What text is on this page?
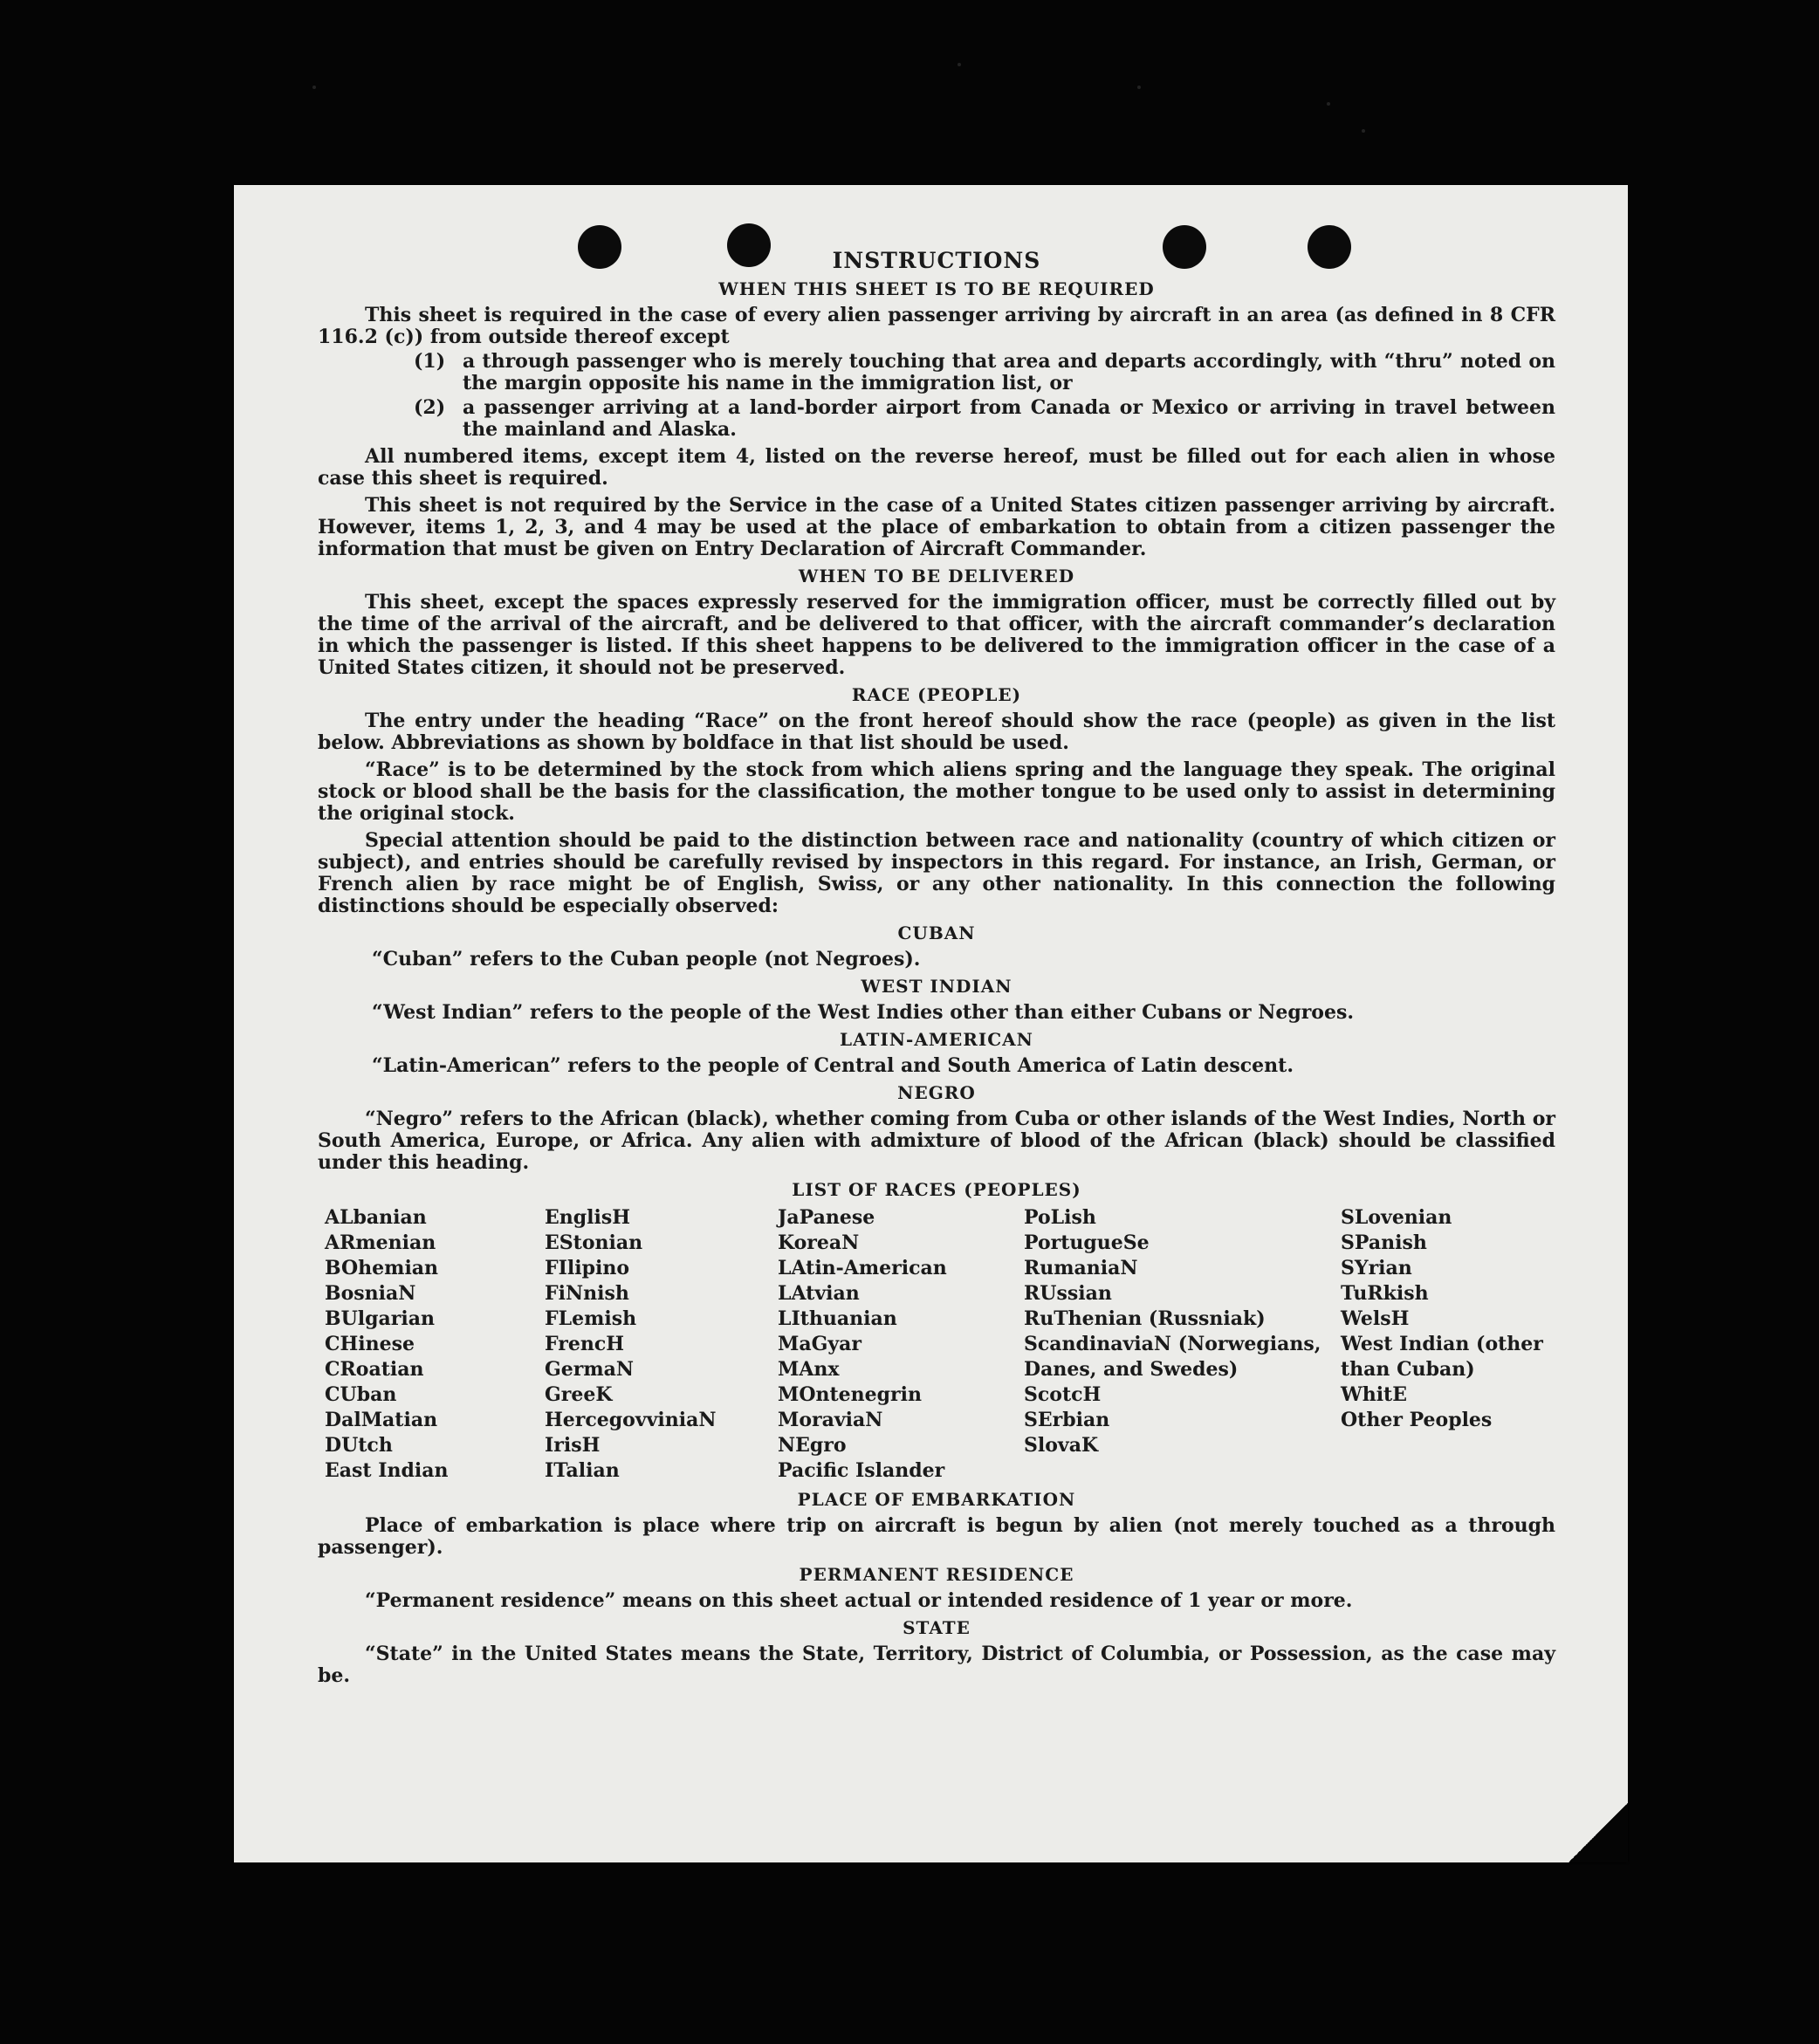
INSTRUCTIONS
WHEN THIS SHEET IS TO BE REQUIRED

This sheet is required in the case of every alien passenger arriving by aircraft in an area (as defined in 8 CFR 116.2 (c)) from outside thereof except

(1) a through passenger who is merely touching that area and departs accordingly, with “thru” noted on the margin opposite his name in the immigration list, or
(2) a passenger arriving at a land-border airport from Canada or Mexico or arriving in travel between the mainland and Alaska.

All numbered items, except item 4, listed on the reverse hereof, must be filled out for each alien in whose case this sheet is required.

This sheet is not required by the Service in the case of a United States citizen passenger arriving by aircraft. However, items 1, 2, 3, and 4 may be used at the place of embarkation to obtain from a citizen passenger the information that must be given on Entry Declaration of Aircraft Commander.

WHEN TO BE DELIVERED

This sheet, except the spaces expressly reserved for the immigration officer, must be correctly filled out by the time of the arrival of the aircraft, and be delivered to that officer, with the aircraft commander’s declaration in which the passenger is listed. If this sheet happens to be delivered to the immigration officer in the case of a United States citizen, it should not be preserved.

RACE (PEOPLE)

The entry under the heading “Race” on the front hereof should show the race (people) as given in the list below. Abbreviations as shown by boldface in that list should be used.

“Race” is to be determined by the stock from which aliens spring and the language they speak. The original stock or blood shall be the basis for the classification, the mother tongue to be used only to assist in determining the original stock.

Special attention should be paid to the distinction between race and nationality (country of which citizen or subject), and entries should be carefully revised by inspectors in this regard. For instance, an Irish, German, or French alien by race might be of English, Swiss, or any other nationality. In this connection the following distinctions should be especially observed:

CUBAN

“Cuban” refers to the Cuban people (not Negroes).

WEST INDIAN

“West Indian” refers to the people of the West Indies other than either Cubans or Negroes.

LATIN-AMERICAN

“Latin-American” refers to the people of Central and South America of Latin descent.

NEGRO

“Negro” refers to the African (black), whether coming from Cuba or other islands of the West Indies, North or South America, Europe, or Africa. Any alien with admixture of blood of the African (black) should be classified under this heading.

LIST OF RACES (PEOPLES)
ALbanian
ARmenian
BOhemian
BosniaN
BUlgarian
CHinese
CRoatian
CUban
DalMatian
DUtch
East Indian
EnglisH
EStonian
FIlipino
FiNnish
FLemish
FrencH
GermaN
GreeK
HercegovviniaN
IrisH
ITalian
JaPanese
KoreaN
LAtin-American
LAtvian
LIthuanian
MaGyar
MAnx
MOntenegrin
MoraviaN
NEgro
Pacific Islander
PoLish
PortugueSe
RumaniaN
RUssian
RuThenian (Russniak)
ScandinaviaN (Norwegians, Danes, and Swedes)
ScotcH
SErbian
SlovaK
SLovenian
SPanish
SYrian
TuRkish
WelsH
West Indian (other than Cuban)
WhitE
Other Peoples
PLACE OF EMBARKATION

Place of embarkation is place where trip on aircraft is begun by alien (not merely touched as a through passenger).

PERMANENT RESIDENCE

“Permanent residence” means on this sheet actual or intended residence of 1 year or more.

STATE

“State” in the United States means the State, Territory, District of Columbia, or Possession, as the case may be.
